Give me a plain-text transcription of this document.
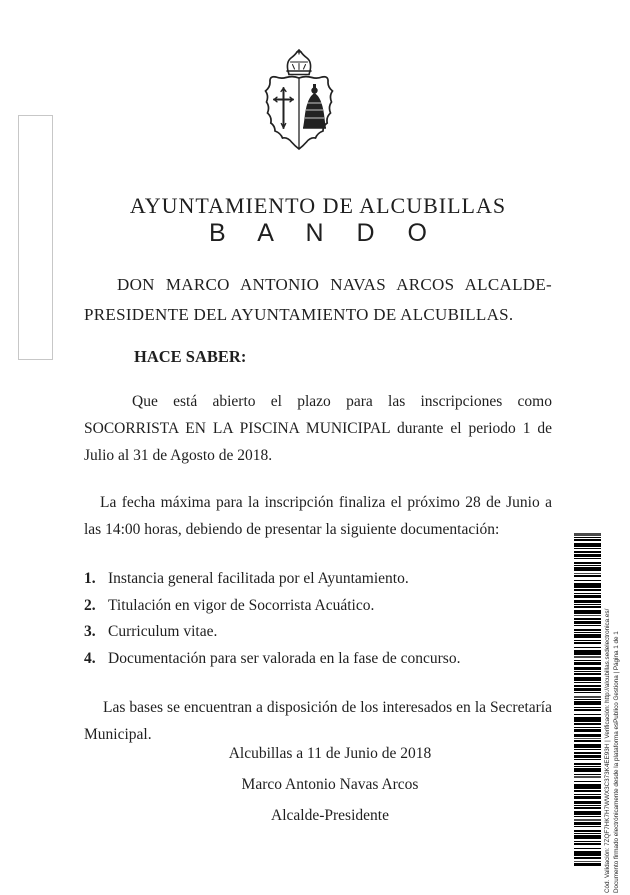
AYUNTAMIENTO DE ALCUBILLAS
B A N D O
DON MARCO ANTONIO NAVAS ARCOS ALCALDE-
PRESIDENTE DEL AYUNTAMIENTO DE ALCUBILLAS.
HACE SABER:
Que está abierto el plazo para las inscripciones como
SOCORRISTA EN LA PISCINA MUNICIPAL durante el periodo 1 de
Julio al 31 de Agosto de 2018.
La fecha máxima para la inscripción finaliza el próximo 28 de Junio a
las 14:00 horas, debiendo de presentar la siguiente documentación:
1. Instancia general facilitada por el Ayuntamiento.
2. Titulación en vigor de Socorrista Acuático.
3. Curriculum vitae.
4. Documentación para ser valorada en la fase de concurso.
Las bases se encuentran a disposición de los interesados en la Secretaría
Municipal.
Alcubillas a 11 de Junio de 2018
Marco Antonio Navas Arcos
Alcalde-Presidente	Cód. Validación: 7ZQF7HK7H7WWX3C373K4EE93H | Verificación: http://alcubillas.sedelectronica.es/ Documento firmado electrónicamente desde la plataforma esPublico Gestiona | Página 1 de 1
